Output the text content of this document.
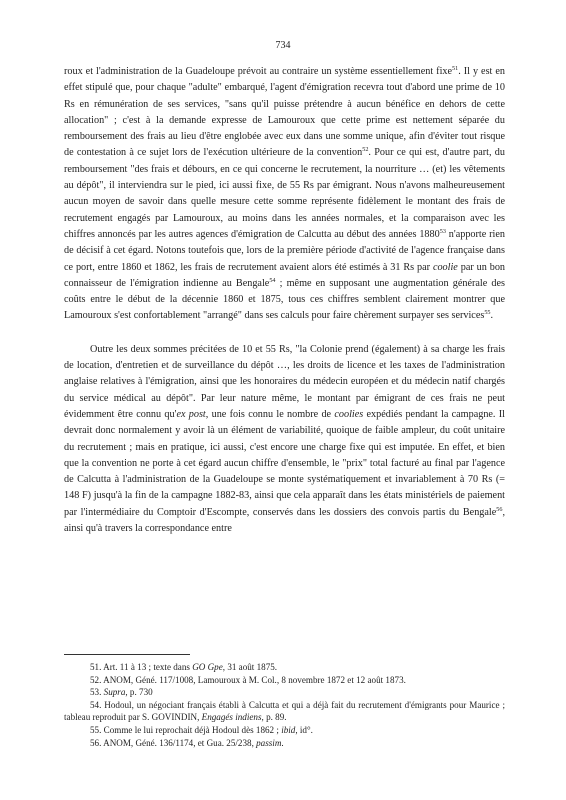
734

roux et l'administration de la Guadeloupe prévoit au contraire un système essentiellement fixe$^{51}$. Il y est en effet stipulé que, pour chaque "adulte" embarqué, l'agent d'émigration recevra tout d'abord une prime de 10 Rs en rémunération de ses services, "sans qu'il puisse prétendre à aucun bénéfice en dehors de cette allocation" ; c'est à la demande expresse de Lamouroux que cette prime est nettement séparée du remboursement des frais au lieu d'être englobée avec eux dans une somme unique, afin d'éviter tout risque de contestation à ce sujet lors de l'exécution ultérieure de la convention$^{52}$. Pour ce qui est, d'autre part, du remboursement "des frais et débours, en ce qui concerne le recrutement, la nourriture … (et) les vêtements au dépôt", il interviendra sur le pied, ici aussi fixe, de 55 Rs par émigrant. Nous n'avons malheureusement aucun moyen de savoir dans quelle mesure cette somme représente fidèlement le montant des frais de recrutement engagés par Lamouroux, au moins dans les années normales, et la comparaison avec les chiffres annoncés par les autres agences d'émigration de Calcutta au début des années 1880$^{53}$ n'apporte rien de décisif à cet égard. Notons toutefois que, lors de la première période d'activité de l'agence française dans ce port, entre 1860 et 1862, les frais de recrutement avaient alors été estimés à 31 Rs par coolie par un bon connaisseur de l'émigration indienne au Bengale$^{54}$ ; même en supposant une augmentation générale des coûts entre le début de la décennie 1860 et 1875, tous ces chiffres semblent clairement montrer que Lamouroux s'est confortablement "arrangé" dans ses calculs pour faire chèrement surpayer ses services$^{55}$.

Outre les deux sommes précitées de 10 et 55 Rs, "la Colonie prend (également) à sa charge les frais de location, d'entretien et de surveillance du dépôt …, les droits de licence et les taxes de l'administration anglaise relatives à l'émigration, ainsi que les honoraires du médecin européen et du médecin natif chargés du service médical au dépôt". Par leur nature même, le montant par émigrant de ces frais ne peut évidemment être connu qu'ex post, une fois connu le nombre de coolies expédiés pendant la campagne. Il devrait donc normalement y avoir là un élément de variabilité, quoique de faible ampleur, du coût unitaire du recrutement ; mais en pratique, ici aussi, c'est encore une charge fixe qui est imputée. En effet, et bien que la convention ne porte à cet égard aucun chiffre d'ensemble, le "prix" total facturé au final par l'agence de Calcutta à l'administration de la Guadeloupe se monte systématiquement et invariablement à 70 Rs (= 148 F) jusqu'à la fin de la campagne 1882-83, ainsi que cela apparaît dans les états ministériels de paiement par l'intermédiaire du Comptoir d'Escompte, conservés dans les dossiers des convois partis du Bengale$^{56}$, ainsi qu'à travers la correspondance entre

51. Art. 11 à 13 ; texte dans GO Gpe, 31 août 1875.

52. ANOM, Géné. 117/1008, Lamouroux à M. Col., 8 novembre 1872 et 12 août 1873.

53. Supra, p. 730

54. Hodoul, un négociant français établi à Calcutta et qui a déjà fait du recrutement d'émigrants pour Maurice ; tableau reproduit par S. GOVINDIN, Engagés indiens, p. 89.

55. Comme le lui reprochait déjà Hodoul dès 1862 ; ibid, id°.

56. ANOM, Géné. 136/1174, et Gua. 25/238, passim.
